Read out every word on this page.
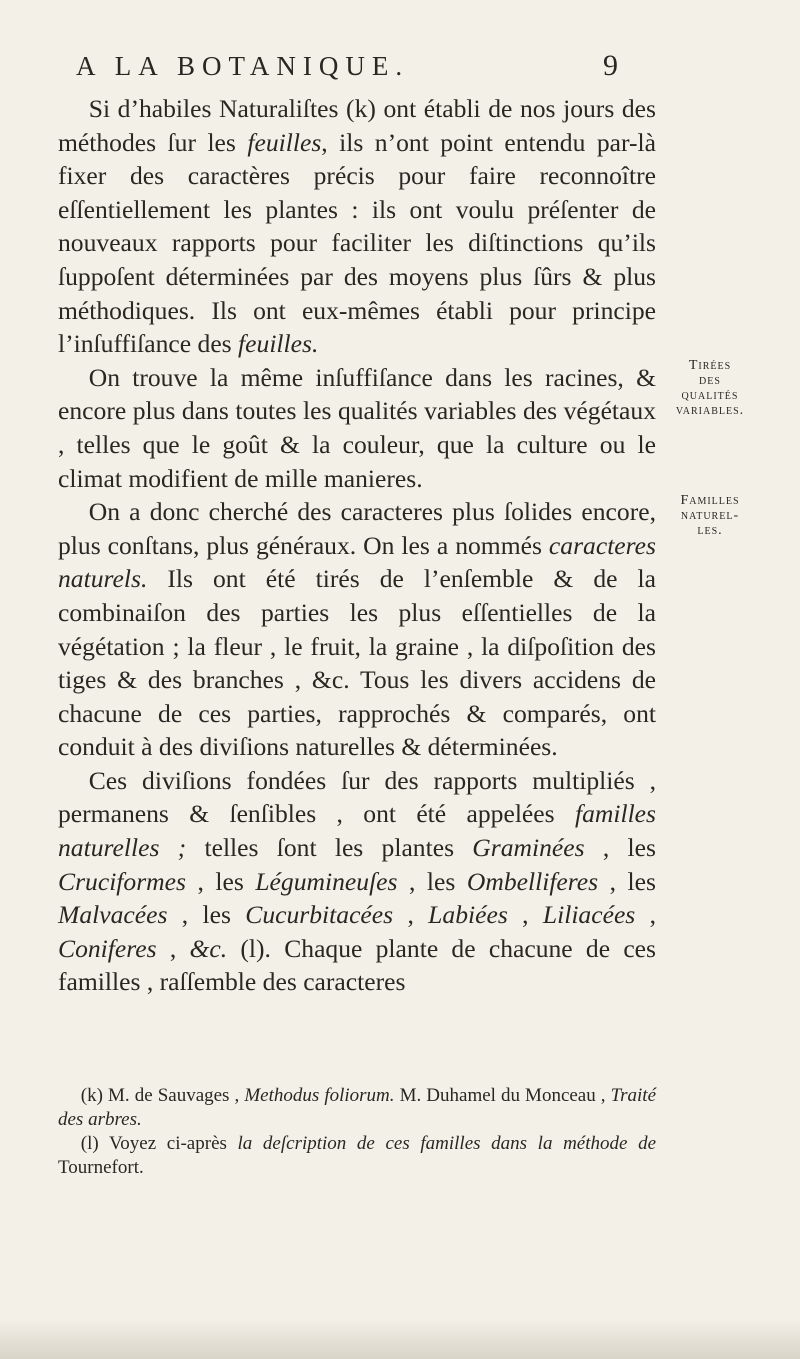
A LA BOTANIQUE.	9

Si d’habiles Naturaliſtes (k) ont établi de nos jours des méthodes ſur les feuilles, ils n’ont point entendu par-là fixer des caractères précis pour faire reconnoître eſſentiellement les plantes : ils ont voulu préſenter de nouveaux rapports pour faciliter les diſtinctions qu’ils ſuppoſent déterminées par des moyens plus ſûrs & plus méthodiques. Ils ont eux-mêmes établi pour principe l’inſuffiſance des feuilles.

On trouve la même inſuffiſance dans les racines, & encore plus dans toutes les qualités variables des végétaux , telles que le goût & la couleur, que la culture ou le climat modifient de mille manieres.

On a donc cherché des caracteres plus ſolides encore, plus conſtans, plus généraux. On les a nommés caracteres naturels. Ils ont été tirés de l’enſemble & de la combinaiſon des parties les plus eſſentielles de la végétation ; la fleur , le fruit, la graine , la diſpoſition des tiges & des branches , &c. Tous les divers accidens de chacune de ces parties, rapprochés & comparés, ont conduit à des diviſions naturelles & déterminées.

Ces diviſions fondées ſur des rapports multipliés , permanens & ſenſibles , ont été appelées familles naturelles ; telles ſont les plantes Graminées , les Cruciformes , les Légumineuſes , les Ombelliferes , les Malvacées , les Cucurbitacées , Labiées , Liliacées , Coniferes , &c. (l). Chaque plante de chacune de ces familles , raſſemble des caracteres

Tirées
des
qualités
variables.
Familles
naturel-
les.

(k) M. de Sauvages , Methodus foliorum. M. Duhamel du Monceau , Traité des arbres.

(l) Voyez ci-après la deſcription de ces familles dans la méthode de Tournefort.
